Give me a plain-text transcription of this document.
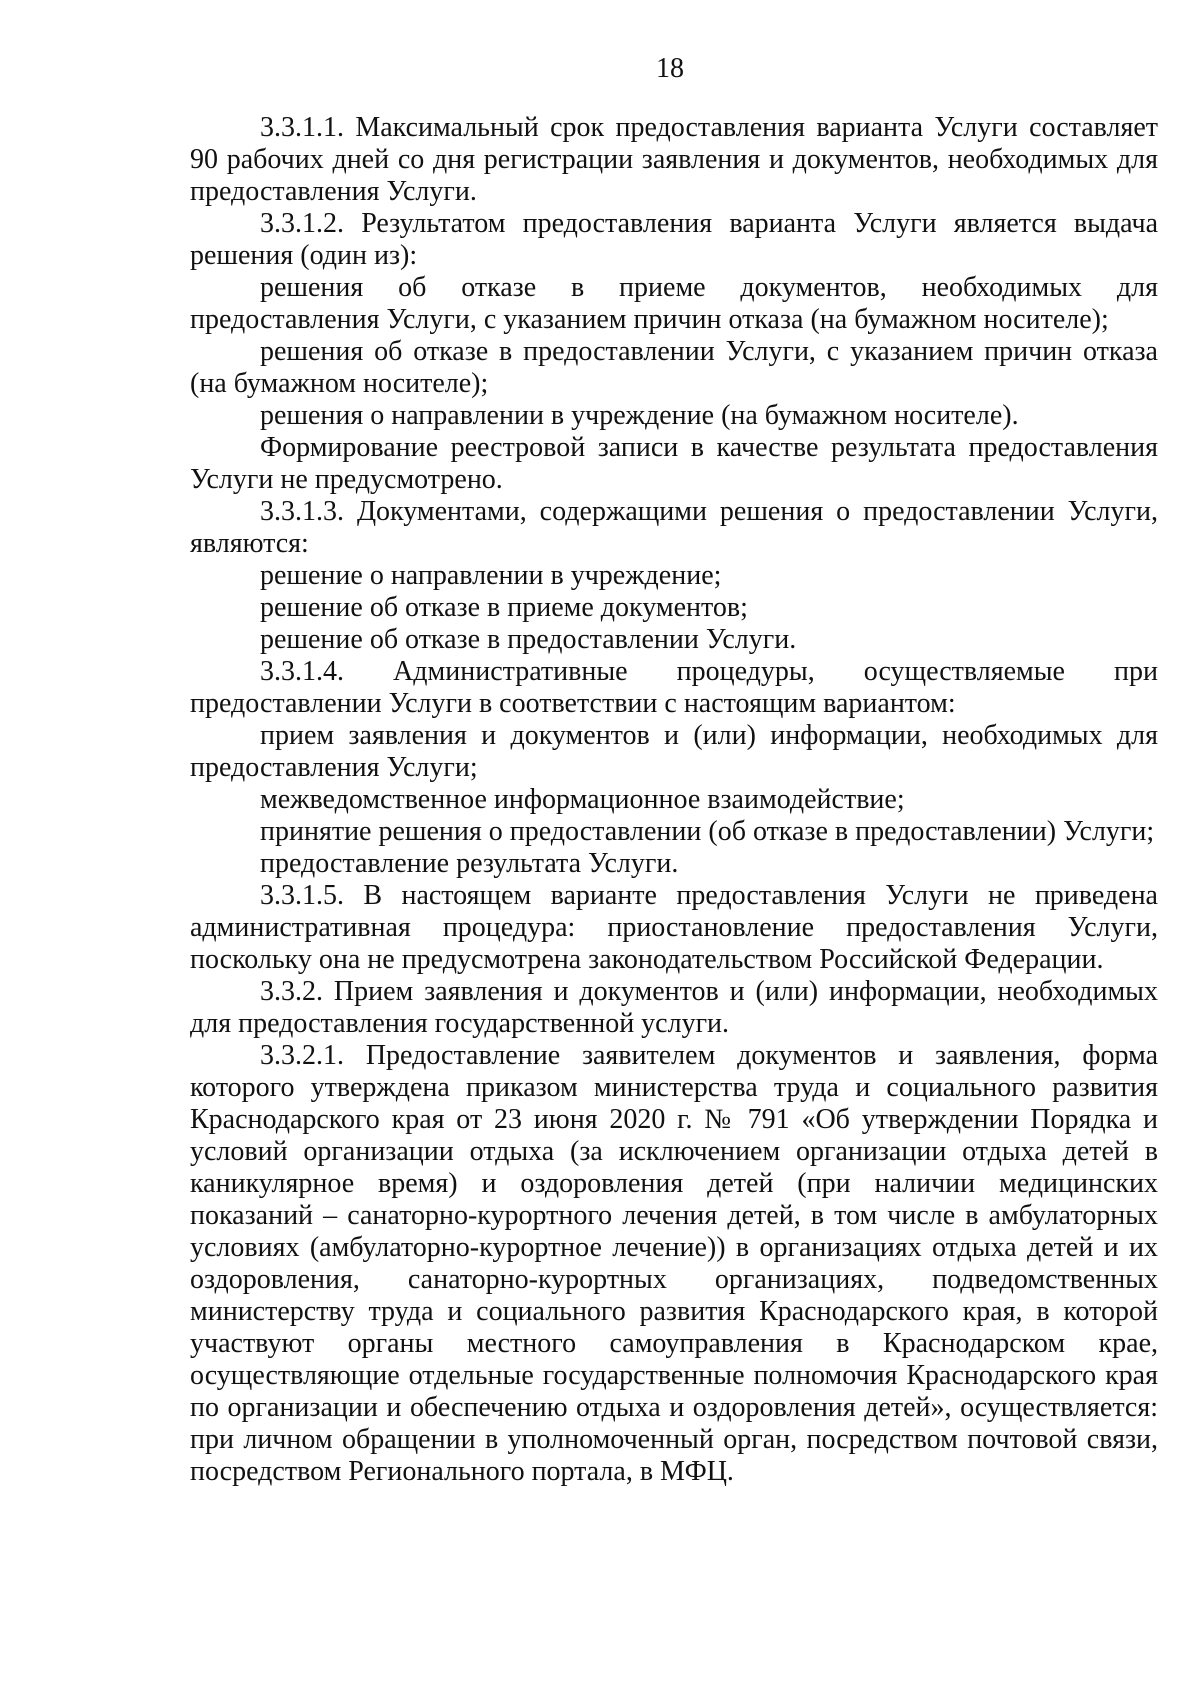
18

3.3.1.1. Максимальный срок предоставления варианта Услуги составляет 90 рабочих дней со дня регистрации заявления и документов, необходимых для предоставления Услуги.

3.3.1.2. Результатом предоставления варианта Услуги является выдача решения (один из):

решения об отказе в приеме документов, необходимых для предоставления Услуги, с указанием причин отказа (на бумажном носителе);

решения об отказе в предоставлении Услуги, с указанием причин отказа (на бумажном носителе);

решения о направлении в учреждение (на бумажном носителе).

Формирование реестровой записи в качестве результата предоставления Услуги не предусмотрено.

3.3.1.3. Документами, содержащими решения о предоставлении Услуги, являются:

решение о направлении в учреждение;

решение об отказе в приеме документов;

решение об отказе в предоставлении Услуги.

3.3.1.4. Административные процедуры, осуществляемые при предоставлении Услуги в соответствии с настоящим вариантом:

прием заявления и документов и (или) информации, необходимых для предоставления Услуги;

межведомственное информационное взаимодействие;

принятие решения о предоставлении (об отказе в предоставлении) Услуги;

предоставление результата Услуги.

3.3.1.5. В настоящем варианте предоставления Услуги не приведена административная процедура: приостановление предоставления Услуги, поскольку она не предусмотрена законодательством Российской Федерации.

3.3.2. Прием заявления и документов и (или) информации, необходимых для предоставления государственной услуги.

3.3.2.1. Предоставление заявителем документов и заявления, форма которого утверждена приказом министерства труда и социального развития Краснодарского края от 23 июня 2020 г. № 791 «Об утверждении Порядка и условий организации отдыха (за исключением организации отдыха детей в каникулярное время) и оздоровления детей (при наличии медицинских показаний – санаторно-курортного лечения детей, в том числе в амбулаторных условиях (амбулаторно-курортное лечение)) в организациях отдыха детей и их оздоровления, санаторно-курортных организациях, подведомственных министерству труда и социального развития Краснодарского края, в которой участвуют органы местного самоуправления в Краснодарском крае, осуществляющие отдельные государственные полномочия Краснодарского края по организации и обеспечению отдыха и оздоровления детей», осуществляется: при личном обращении в уполномоченный орган, посредством почтовой связи, посредством Регионального портала, в МФЦ.
